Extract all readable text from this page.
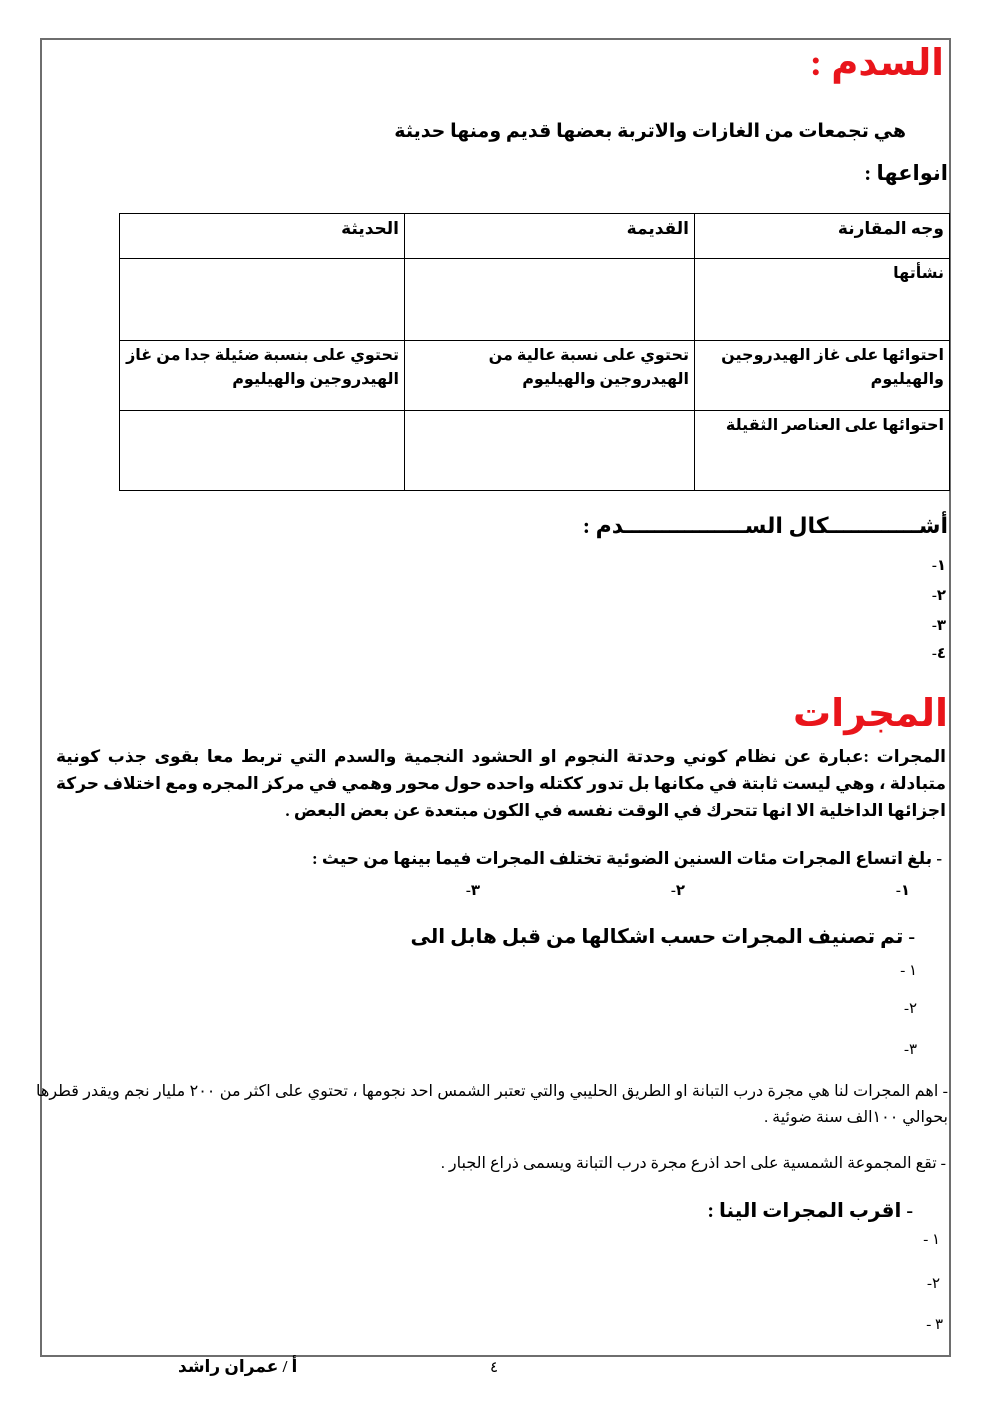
السدم :
هي تجمعات من الغازات والاتربة بعضها قديم ومنها حديثة
انواعها :
وجه المقارنة	القديمة	الحديثة
نشأتها		
احتوائها على غاز الهيدروجين والهيليوم	تحتوي على نسبة عالية من الهيدروجين والهيليوم	تحتوي على بنسبة ضئيلة جدا من غاز الهيدروجين والهيليوم
احتوائها على العناصر الثقيلة		
أشــــــــــــكال الســــــــــــــــدم :
١-
٢-
٣-
٤-
المجرات
المجرات :عبارة عن نظام كوني وحدتة النجوم او الحشود النجمية والسدم التي تربط معا بقوى جذب كونية متبادلة ، وهي ليست ثابتة في مكانها بل تدور ككتله واحده حول محور وهمي في مركز المجره ومع اختلاف حركة اجزائها الداخلية الا انها تتحرك في الوقت نفسه في الكون مبتعدة عن بعض البعض .
- بلغ اتساع المجرات مئات السنين الضوئية تختلف المجرات فيما بينها من حيث :
١-
٢-
٣-
- تم تصنيف المجرات حسب اشكالها من قبل هابل الى
١ -
٢-
٣-
- اهم المجرات لنا هي مجرة درب التبانة او الطريق الحليبي والتي تعتبر الشمس احد نجومها ، تحتوي على اكثر من ٢٠٠ مليار نجم ويقدر قطرها بحوالي ١٠٠الف سنة ضوئية .
- تقع المجموعة الشمسية على احد اذرع مجرة درب التبانة ويسمى ذراع الجبار .
- اقرب المجرات الينا :
١ -
٢-
٣ -
أ / عمران راشد	٤
